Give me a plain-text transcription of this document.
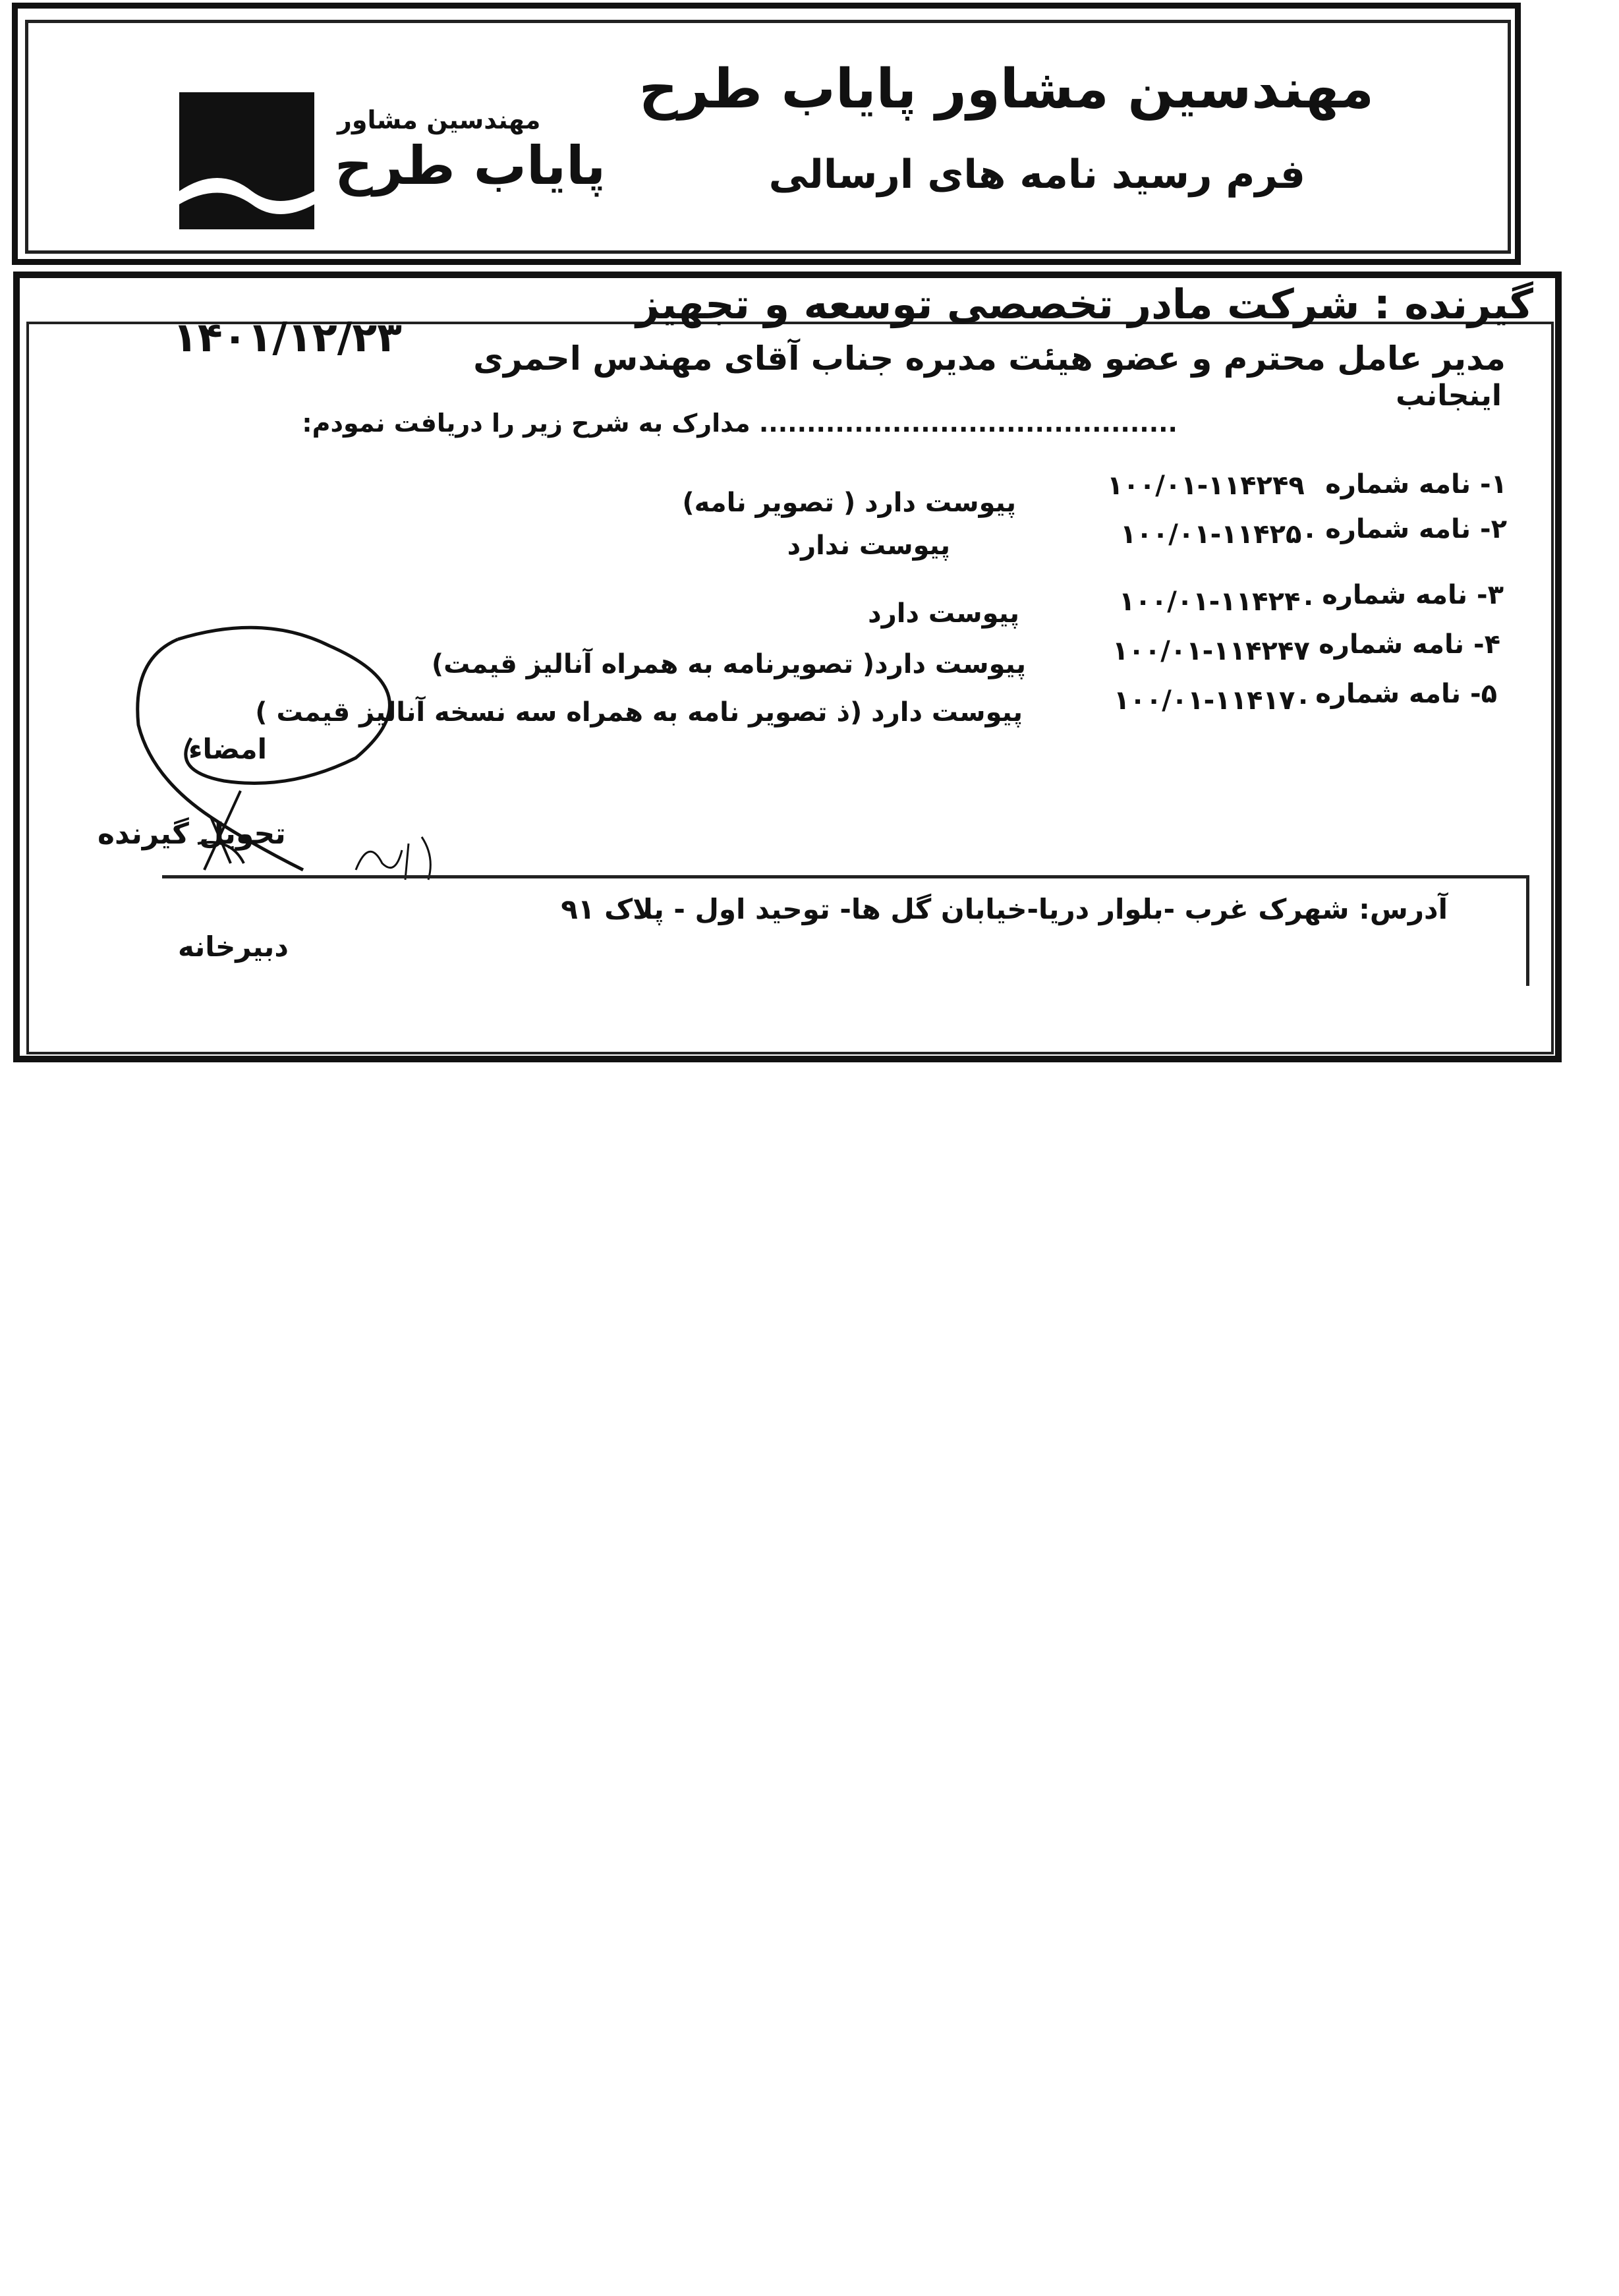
مهندسین مشاور
پایاب طرح
مهندسین مشاور پایاب طرح
فرم رسید نامه های ارسالی
۱۴۰۱/۱۲/۲۳
گیرنده : شرکت مادر تخصصی توسعه و تجهیز
مدیر عامل محترم و عضو هیئت مدیره جناب آقای مهندس احمری
اینجانب
............................................ مدارک به شرح زیر را دریافت نمودم:
۱- نامه شماره
۱۰۰/۰۱-۱۱۴۲۴۹
پیوست دارد ( تصویر نامه)
۲- نامه شماره
۱۰۰/۰۱-۱۱۴۲۵۰
پیوست ندارد
۳- نامه شماره
۱۰۰/۰۱-۱۱۴۲۴۰
پیوست دارد
۴- نامه شماره
۱۰۰/۰۱-۱۱۴۲۴۷
پیوست دارد( تصویرنامه به همراه آنالیز قیمت)
۵- نامه شماره
۱۰۰/۰۱-۱۱۴۱۷۰
پیوست دارد (ذ تصویر نامه به همراه سه نسخه آنالیز قیمت )
امضاء
تحویل گیرنده
آدرس: شهرک غرب -بلوار دریا-خیابان گل ها- توحید اول - پلاک ۹۱
دبیرخانه
